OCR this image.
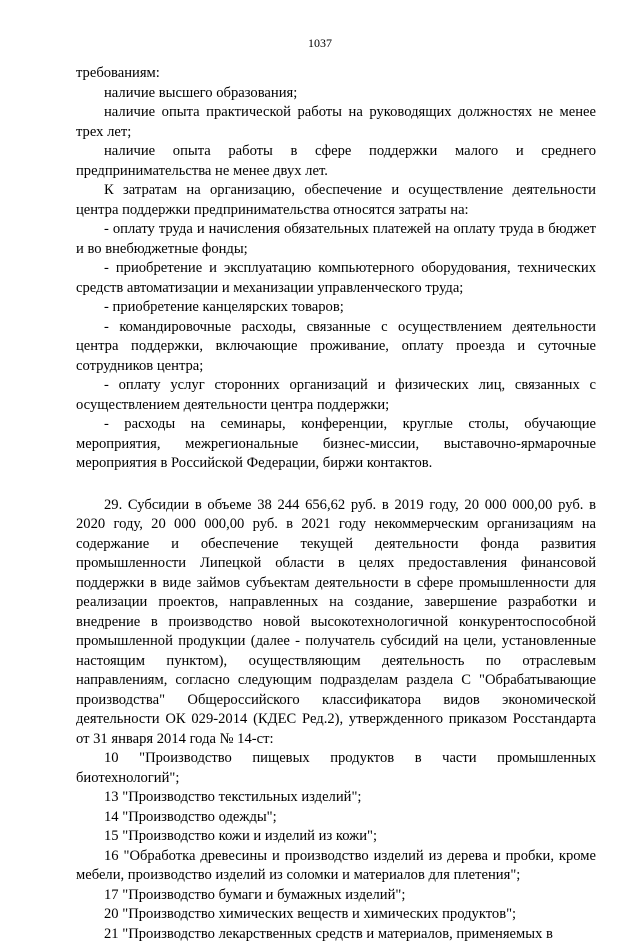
1037

требованиям:

наличие высшего образования;

наличие опыта практической работы на руководящих должностях не менее трех лет;

наличие опыта работы в сфере поддержки малого и среднего предпринимательства не менее двух лет.

К затратам на организацию, обеспечение и осуществление деятельности центра поддержки предпринимательства относятся затраты на:

- оплату труда и начисления обязательных платежей на оплату труда в бюджет и во внебюджетные фонды;

- приобретение и эксплуатацию компьютерного оборудования, технических средств автоматизации и механизации управленческого труда;

- приобретение канцелярских товаров;

- командировочные расходы, связанные с осуществлением деятельности центра поддержки, включающие проживание, оплату проезда и суточные сотрудников центра;

- оплату услуг сторонних организаций и физических лиц, связанных с осуществлением деятельности центра поддержки;

- расходы на семинары, конференции, круглые столы, обучающие мероприятия, межрегиональные бизнес-миссии, выставочно-ярмарочные мероприятия в Российской Федерации, биржи контактов.

29. Субсидии в объеме 38 244 656,62 руб. в 2019 году, 20 000 000,00 руб. в 2020 году, 20 000 000,00 руб. в 2021 году некоммерческим организациям на содержание и обеспечение текущей деятельности фонда развития промышленности Липецкой области в целях предоставления финансовой поддержки в виде займов субъектам деятельности в сфере промышленности для реализации проектов, направленных на создание, завершение разработки и внедрение в производство новой высокотехнологичной конкурентоспособной промышленной продукции (далее - получатель субсидий на цели, установленные настоящим пунктом), осуществляющим деятельность по отраслевым направлениям, согласно следующим подразделам раздела С "Обрабатывающие производства" Общероссийского классификатора видов экономической деятельности ОК 029-2014 (КДЕС Ред.2), утвержденного приказом Росстандарта от 31 января 2014 года № 14-ст:

10 "Производство пищевых продуктов в части промышленных биотехнологий";

13 "Производство текстильных изделий";

14 "Производство одежды";

15 "Производство кожи и изделий из кожи";

16 "Обработка древесины и производство изделий из дерева и пробки, кроме мебели, производство изделий из соломки и материалов для плетения";

17 "Производство бумаги и бумажных изделий";

20 "Производство химических веществ и химических продуктов";

21 "Производство лекарственных средств и материалов, применяемых в
